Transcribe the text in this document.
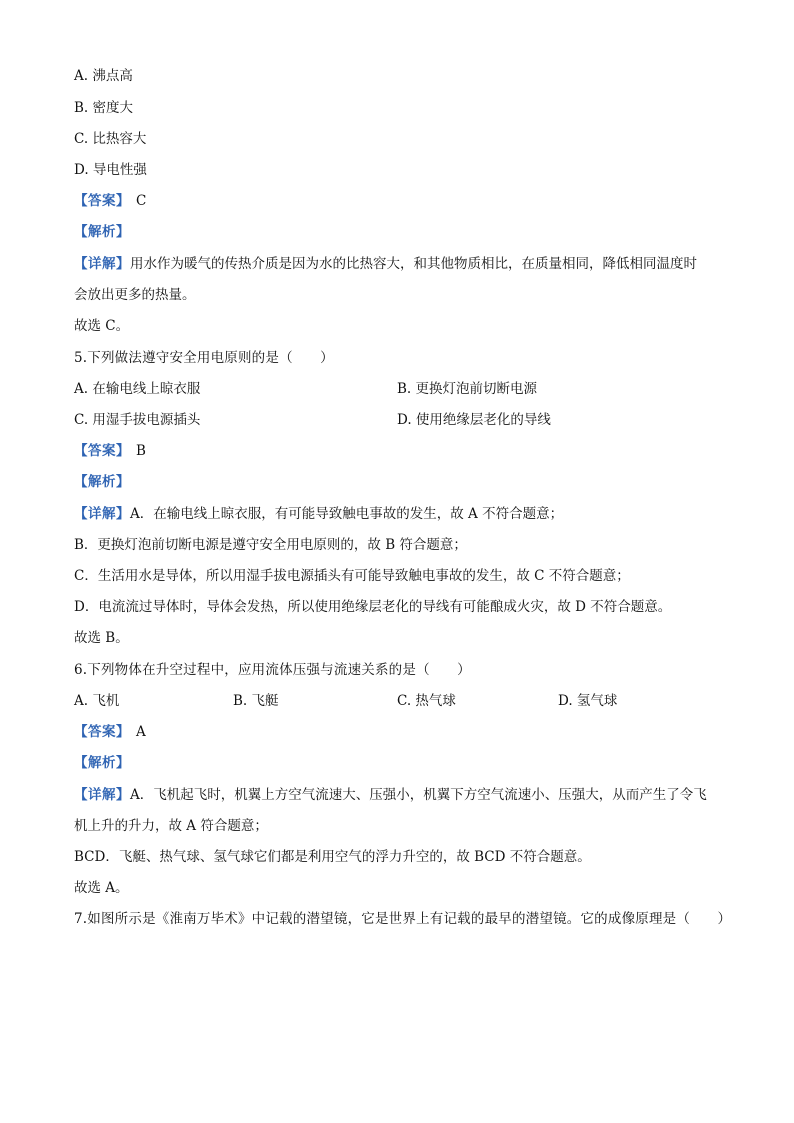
A. 沸点高
B. 密度大
C. 比热容大
D. 导电性强
【答案】 C
【解析】
【详解】用水作为暖气的传热介质是因为水的比热容大，和其他物质相比，在质量相同，降低相同温度时
会放出更多的热量。
故选 C。
5.下列做法遵守安全用电原则的是（　　）
A. 在输电线上晾衣服	B. 更换灯泡前切断电源
C. 用湿手拔电源插头	D. 使用绝缘层老化的导线
【答案】 B
【解析】
【详解】A．在输电线上晾衣服，有可能导致触电事故的发生，故 A 不符合题意；
B．更换灯泡前切断电源是遵守安全用电原则的，故 B 符合题意；
C．生活用水是导体，所以用湿手拔电源插头有可能导致触电事故的发生，故 C 不符合题意；
D．电流流过导体时，导体会发热，所以使用绝缘层老化的导线有可能酿成火灾，故 D 不符合题意。
故选 B。
6.下列物体在升空过程中，应用流体压强与流速关系的是（　　）
A. 飞机	B. 飞艇	C. 热气球	D. 氢气球
【答案】 A
【解析】
【详解】A．飞机起飞时，机翼上方空气流速大、压强小，机翼下方空气流速小、压强大，从而产生了令飞
机上升的升力，故 A 符合题意；
BCD．飞艇、热气球、氢气球它们都是利用空气的浮力升空的，故 BCD 不符合题意。
故选 A。
7.如图所示是《淮南万毕术》中记载的潜望镜，它是世界上有记载的最早的潜望镜。它的成像原理是（　　）
